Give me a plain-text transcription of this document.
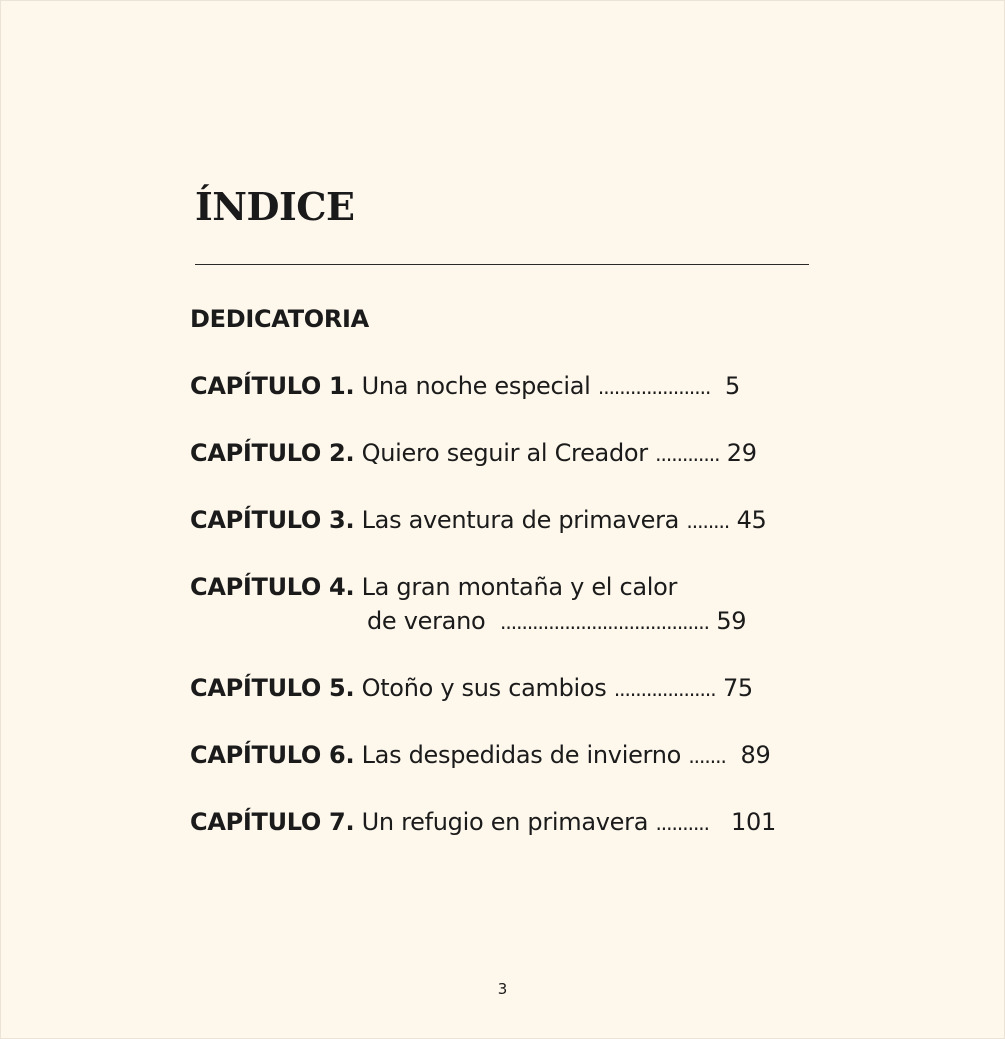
ÍNDICE
DEDICATORIA
CAPÍTULO 1. Una noche especial .....................  5
CAPÍTULO 2. Quiero seguir al Creador ............ 29
CAPÍTULO 3. Las aventura de primavera ........ 45
CAPÍTULO 4. La gran montaña y el calor
de verano  ....................................... 59
CAPÍTULO 5. Otoño y sus cambios ................... 75
CAPÍTULO 6. Las despedidas de invierno .......  89
CAPÍTULO 7. Un refugio en primavera ..........   101
3
